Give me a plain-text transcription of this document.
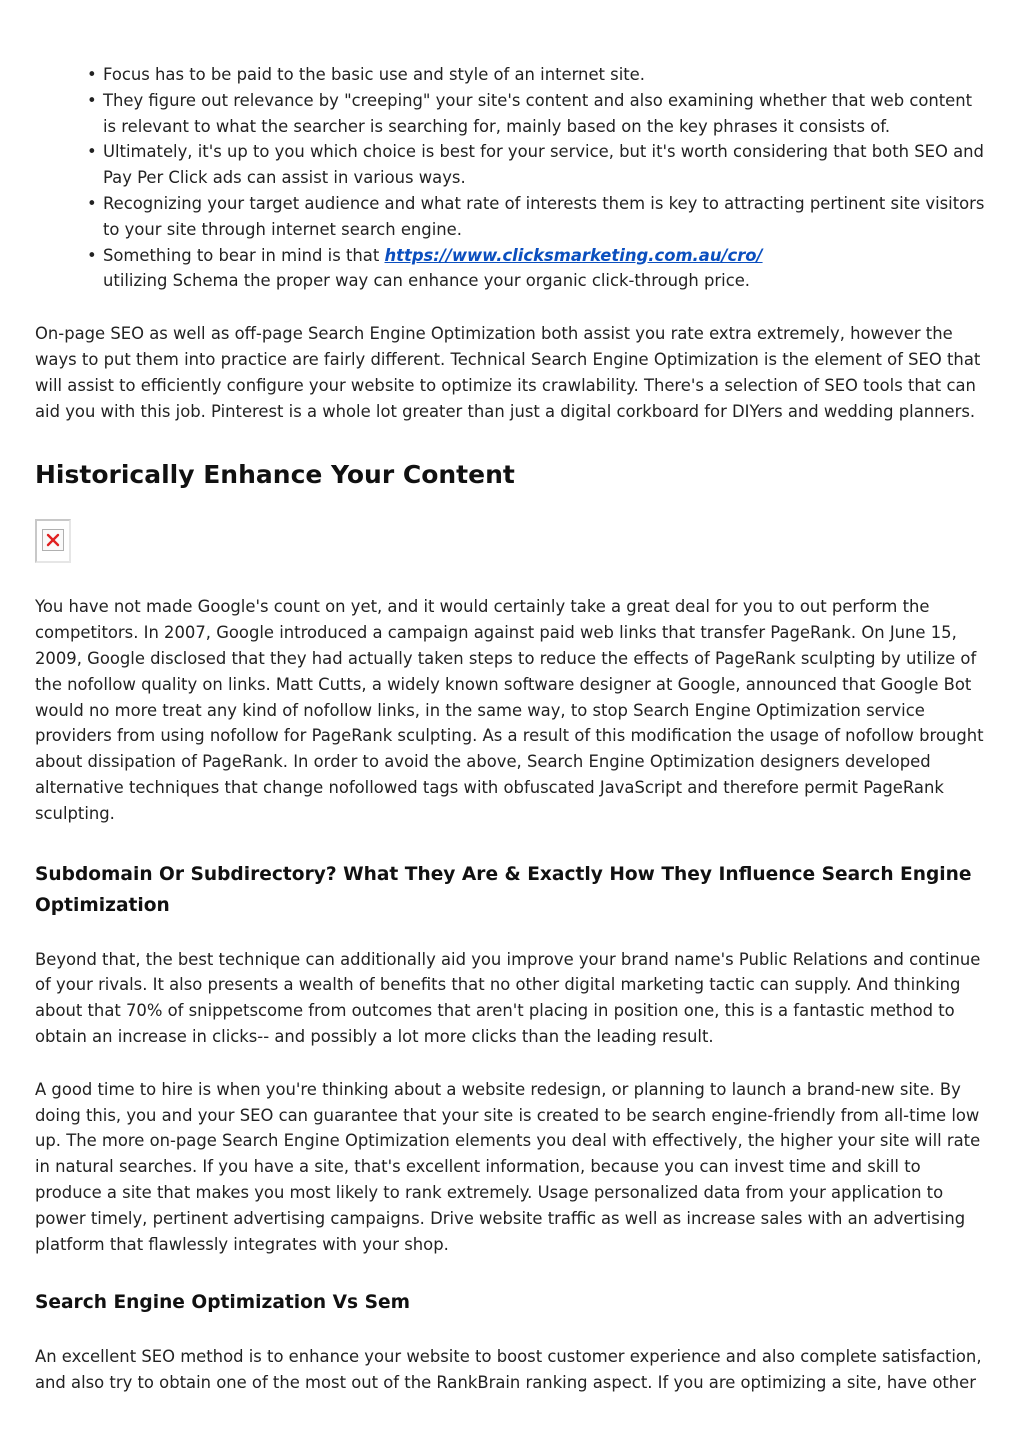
• Focus has to be paid to the basic use and style of an internet site.
• They figure out relevance by "creeping" your site's content and also examining whether that web content is relevant to what the searcher is searching for, mainly based on the key phrases it consists of.
• Ultimately, it's up to you which choice is best for your service, but it's worth considering that both SEO and Pay Per Click ads can assist in various ways.
• Recognizing your target audience and what rate of interests them is key to attracting pertinent site visitors to your site through internet search engine.
• Something to bear in mind is that https://www.clicksmarketing.com.au/cro/
utilizing Schema the proper way can enhance your organic click-through price.

On-page SEO as well as off-page Search Engine Optimization both assist you rate extra extremely, however the ways to put them into practice are fairly different. Technical Search Engine Optimization is the element of SEO that will assist to efficiently configure your website to optimize its crawlability. There's a selection of SEO tools that can aid you with this job. Pinterest is a whole lot greater than just a digital corkboard for DIYers and wedding planners.

Historically Enhance Your Content

You have not made Google's count on yet, and it would certainly take a great deal for you to out perform the competitors. In 2007, Google introduced a campaign against paid web links that transfer PageRank. On June 15, 2009, Google disclosed that they had actually taken steps to reduce the effects of PageRank sculpting by utilize of the nofollow quality on links. Matt Cutts, a widely known software designer at Google, announced that Google Bot would no more treat any kind of nofollow links, in the same way, to stop Search Engine Optimization service providers from using nofollow for PageRank sculpting. As a result of this modification the usage of nofollow brought about dissipation of PageRank. In order to avoid the above, Search Engine Optimization designers developed alternative techniques that change nofollowed tags with obfuscated JavaScript and therefore permit PageRank sculpting.

Subdomain Or Subdirectory? What They Are & Exactly How They Influence Search Engine Optimization

Beyond that, the best technique can additionally aid you improve your brand name's Public Relations and continue of your rivals. It also presents a wealth of benefits that no other digital marketing tactic can supply. And thinking about that 70% of snippetscome from outcomes that aren't placing in position one, this is a fantastic method to obtain an increase in clicks-- and possibly a lot more clicks than the leading result.

A good time to hire is when you're thinking about a website redesign, or planning to launch a brand-new site. By doing this, you and your SEO can guarantee that your site is created to be search engine-friendly from all-time low up. The more on-page Search Engine Optimization elements you deal with effectively, the higher your site will rate in natural searches. If you have a site, that's excellent information, because you can invest time and skill to produce a site that makes you most likely to rank extremely. Usage personalized data from your application to power timely, pertinent advertising campaigns. Drive website traffic as well as increase sales with an advertising platform that flawlessly integrates with your shop.

Search Engine Optimization Vs Sem

An excellent SEO method is to enhance your website to boost customer experience and also complete satisfaction, and also try to obtain one of the most out of the RankBrain ranking aspect. If you are optimizing a site, have other
